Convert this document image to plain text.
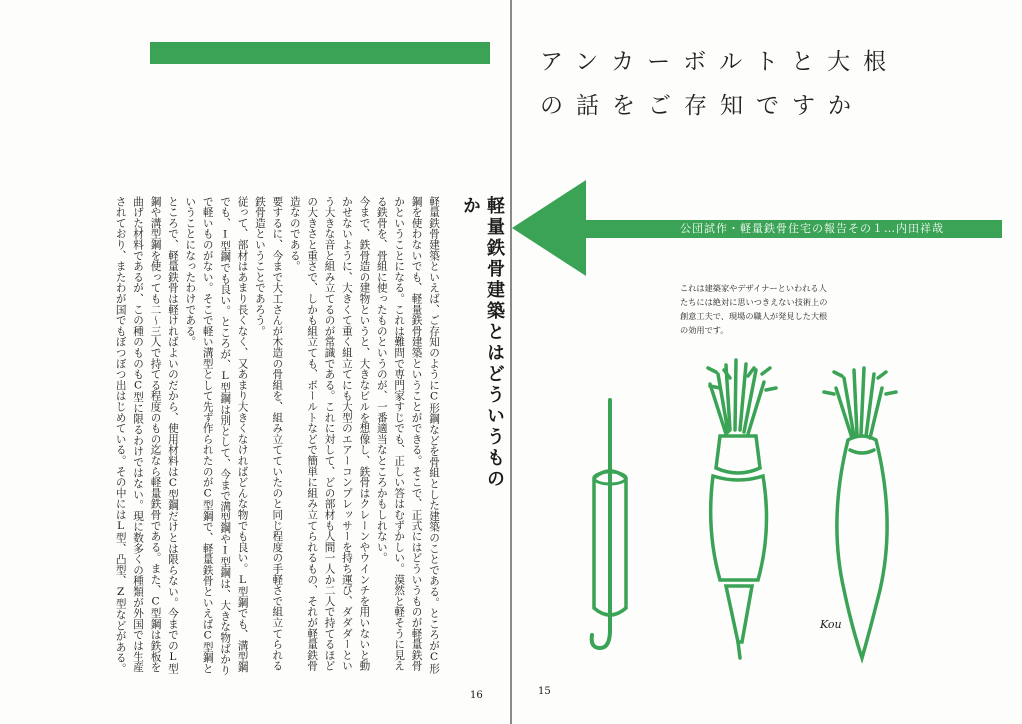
軽量鉄骨建築とはどういうものか

軽量鉄骨建築といえば、ご存知のようにC形鋼などを骨組とした建築のことである。ところがC形鋼を使わないでも、軽量鉄骨建築ということができる。そこで、正式にはどういうものが軽量鉄骨かということになる。これは難問で専門家すじでも、正しい答はむずかしい。漠然と軽そうに見える鉄骨を、骨組に使ったものというのが、一番適当なところかもしれない。

今まで、鉄骨造の建物というと、大きなビルを想像し、鉄骨はクレーンやウインチを用いないと動かせないように、大きくて重く組立てにも大型のエアーコンプレッサーを持ち運び、ダダダーという大きな音と組み立てるのが常識である。これに対して、どの部材も人間一人か二人で持てるほどの大きさと重さで、しかも組立ても、ボールトなどで簡単に組み立てられるもの、それが軽量鉄骨造なのである。

要するに、今まで大工さんが木造の骨組を、組み立てていたのと同じ程度の手軽さで組立てられる鉄骨造ということであろう。

従って、部材はあまり長くなく、又あまり大きくなければどんな物でも良い。L型鋼でも、溝型鋼でも、I型鋼でも良い。ところが、L型鋼は別として、今まで溝型鋼やI型鋼は、大きな物ばかりで軽いものがない。そこで軽い溝型として先ず作られたのがC型鋼で、軽量鉄骨といえばC型鋼ということになったわけである。

ところで、軽量鉄骨は軽ければよいのだから、使用材料はC型鋼だけとは限らない。今までのL型鋼や溝型鋼を使っても二〜三人で持てる程度のもの迄なら軽量鉄骨である。また、C型鋼は鉄板を曲げた材料であるが、この種のものもC型に限るわけではない。現に数多くの種類が外国では生産されており、またわが国でもぼつぼつ出はじめている。その中にはL型、凸型、Z型などがある。

16
アンカーボルトと大根
の話をご存知ですか
公団試作・軽量鉄骨住宅の報告その１…内田祥哉
これは建築家やデザイナーといわれる人たちには絶対に思いつきえない技術上の創意工夫で、現場の職人が発見した大根の効用です。
Kou
15
